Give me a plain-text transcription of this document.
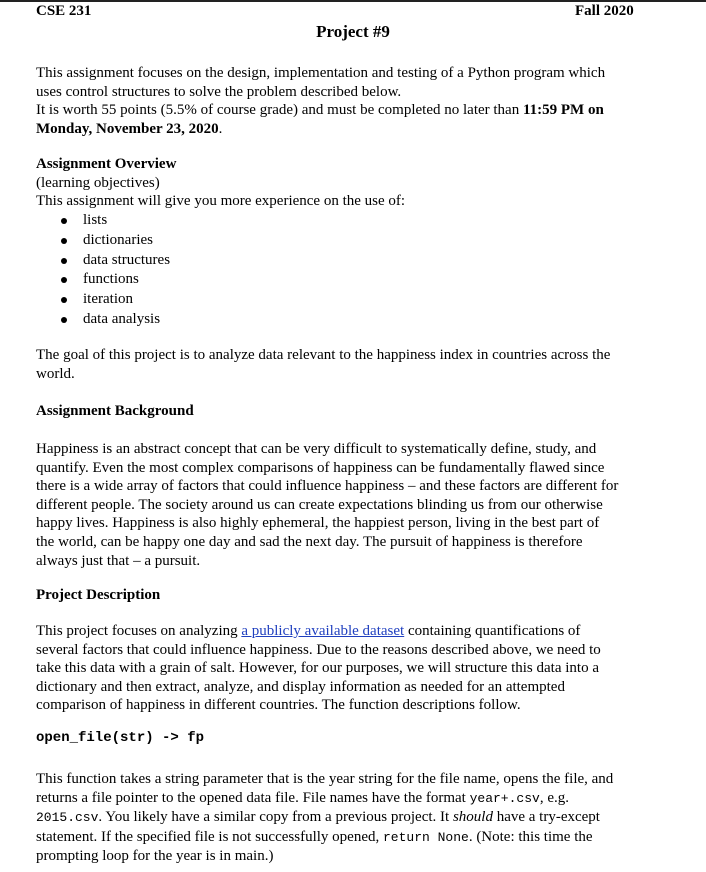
CSE 231	Fall 2020
Project #9
This assignment focuses on the design, implementation and testing of a Python program which
uses control structures to solve the problem described below.
It is worth 55 points (5.5% of course grade) and must be completed no later than 11:59 PM on
Monday, November 23, 2020.
Assignment Overview
(learning objectives)
This assignment will give you more experience on the use of:
lists
dictionaries
data structures
functions
iteration
data analysis
The goal of this project is to analyze data relevant to the happiness index in countries across the
world.
Assignment Background
Happiness is an abstract concept that can be very difficult to systematically define, study, and
quantify. Even the most complex comparisons of happiness can be fundamentally flawed since
there is a wide array of factors that could influence happiness – and these factors are different for
different people. The society around us can create expectations blinding us from our otherwise
happy lives. Happiness is also highly ephemeral, the happiest person, living in the best part of
the world, can be happy one day and sad the next day. The pursuit of happiness is therefore
always just that – a pursuit.
Project Description
This project focuses on analyzing a publicly available dataset containing quantifications of
several factors that could influence happiness. Due to the reasons described above, we need to
take this data with a grain of salt. However, for our purposes, we will structure this data into a
dictionary and then extract, analyze, and display information as needed for an attempted
comparison of happiness in different countries. The function descriptions follow.
open_file(str) -> fp
This function takes a string parameter that is the year string for the file name, opens the file, and
returns a file pointer to the opened data file. File names have the format year+.csv, e.g.
2015.csv. You likely have a similar copy from a previous project. It should have a try-except
statement. If the specified file is not successfully opened, return None. (Note: this time the
prompting loop for the year is in main.)
